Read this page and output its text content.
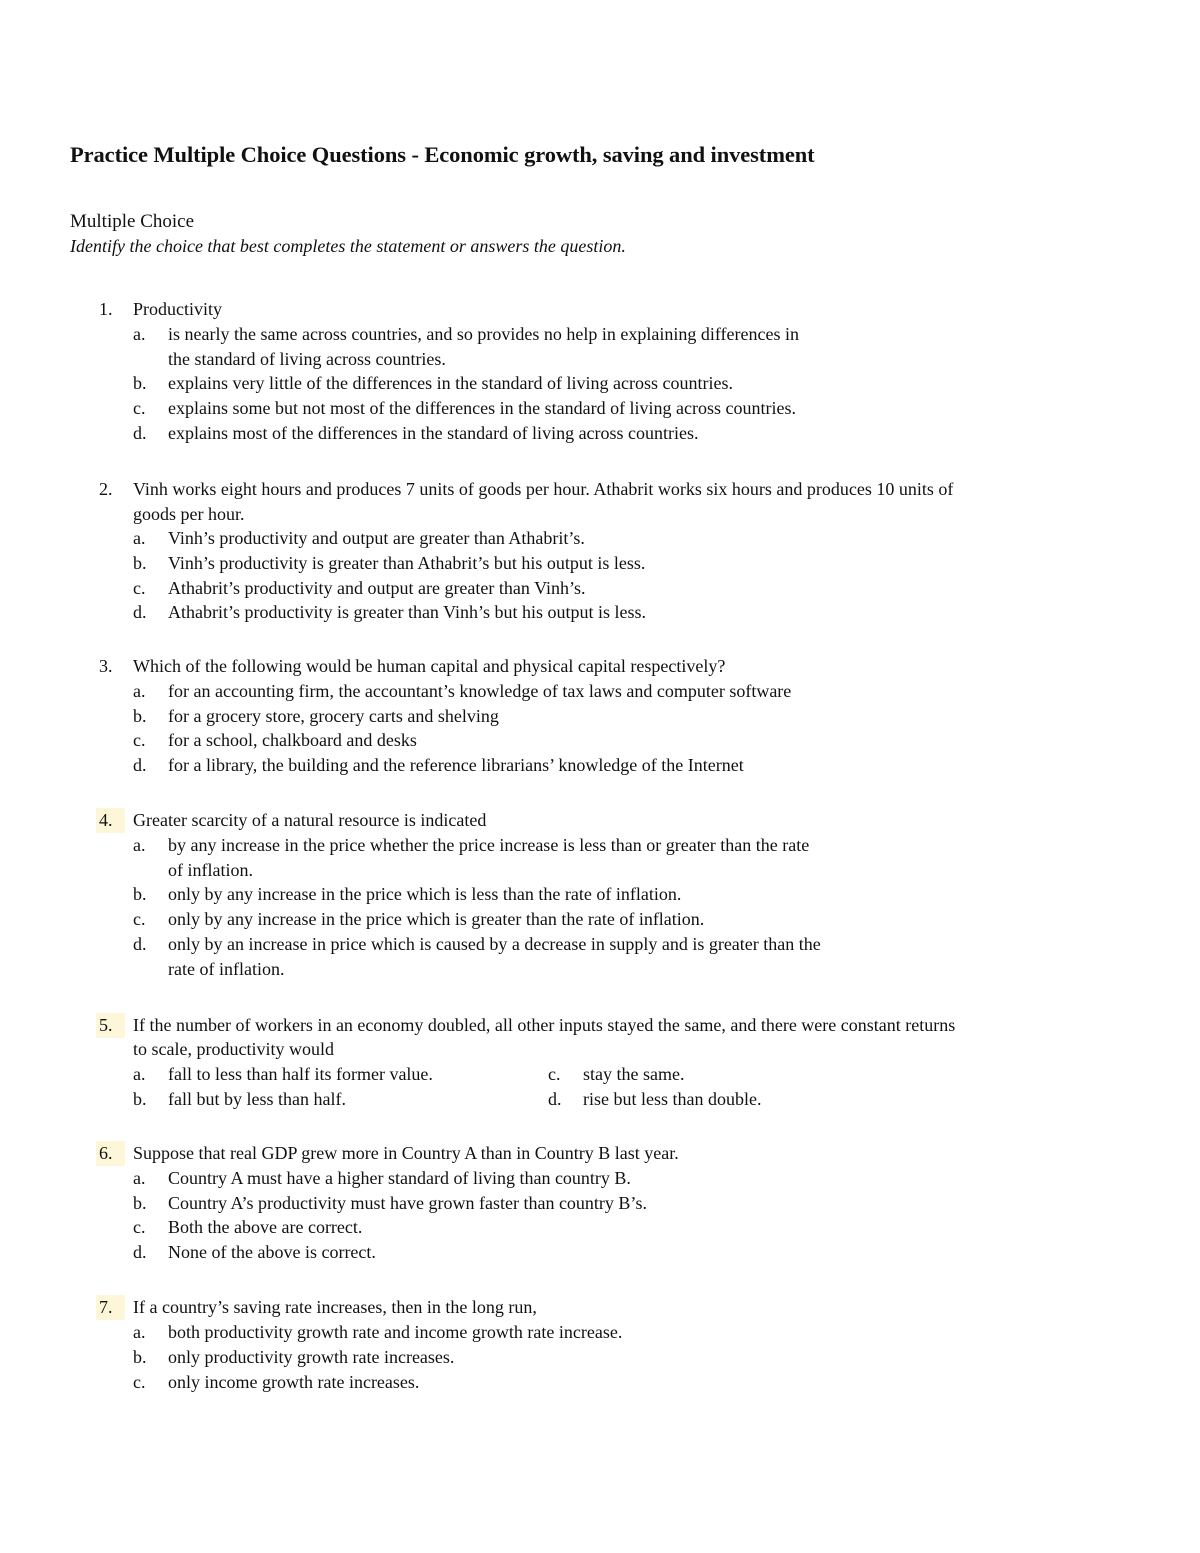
Practice Multiple Choice Questions - Economic growth, saving and investment
Multiple Choice
Identify the choice that best completes the statement or answers the question.
1.	Productivity
a. is nearly the same across countries, and so provides no help in explaining differences in
the standard of living across countries.
b. explains very little of the differences in the standard of living across countries.
c. explains some but not most of the differences in the standard of living across countries.
d. explains most of the differences in the standard of living across countries.
2.	Vinh works eight hours and produces 7 units of goods per hour. Athabrit works six hours and produces 10 units of
goods per hour.
a. Vinh’s productivity and output are greater than Athabrit’s.
b. Vinh’s productivity is greater than Athabrit’s but his output is less.
c. Athabrit’s productivity and output are greater than Vinh’s.
d. Athabrit’s productivity is greater than Vinh’s but his output is less.
3.	Which of the following would be human capital and physical capital respectively?
a. for an accounting firm, the accountant’s knowledge of tax laws and computer software
b. for a grocery store, grocery carts and shelving
c. for a school, chalkboard and desks
d. for a library, the building and the reference librarians’ knowledge of the Internet
4.	Greater scarcity of a natural resource is indicated
a. by any increase in the price whether the price increase is less than or greater than the rate
of inflation.
b. only by any increase in the price which is less than the rate of inflation.
c. only by any increase in the price which is greater than the rate of inflation.
d. only by an increase in price which is caused by a decrease in supply and is greater than the
rate of inflation.
5.	If the number of workers in an economy doubled, all other inputs stayed the same, and there were constant returns
to scale, productivity would
a. fall to less than half its former value.	c. stay the same.
b. fall but by less than half.	d. rise but less than double.
6.	Suppose that real GDP grew more in Country A than in Country B last year.
a. Country A must have a higher standard of living than country B.
b. Country A’s productivity must have grown faster than country B’s.
c. Both the above are correct.
d. None of the above is correct.
7.	If a country’s saving rate increases, then in the long run,
a. both productivity growth rate and income growth rate increase.
b. only productivity growth rate increases.
c. only income growth rate increases.
